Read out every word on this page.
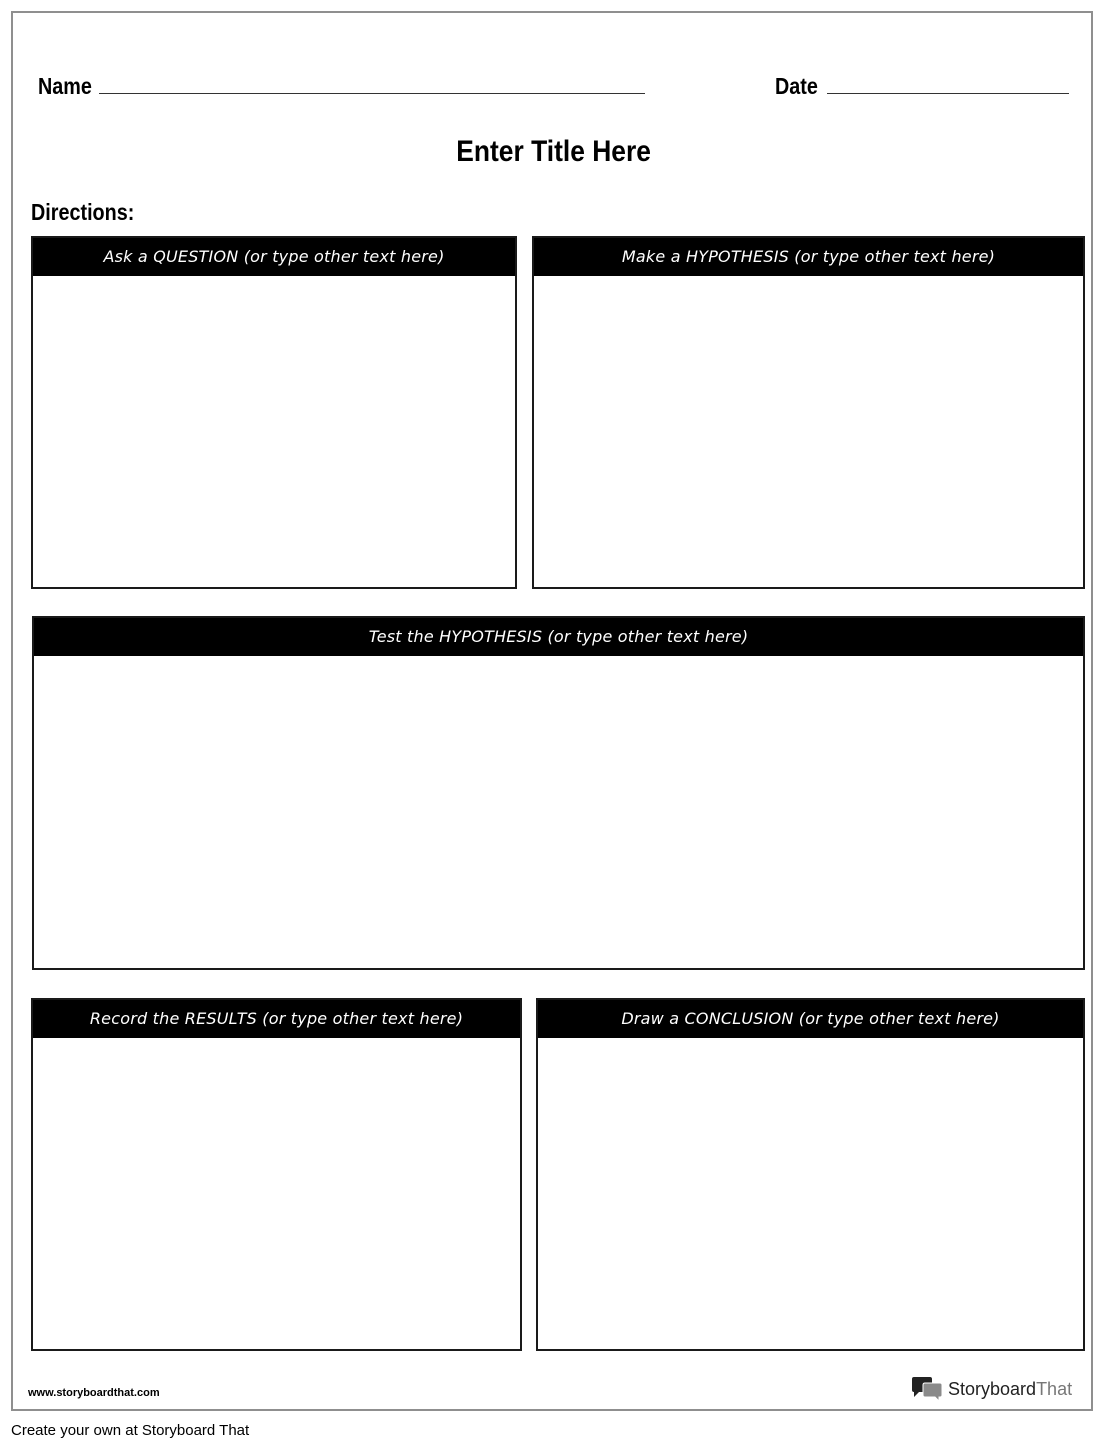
Name	Date
Enter Title Here
Directions:
Ask a QUESTION (or type other text here)	Make a HYPOTHESIS (or type other text here)
Test the HYPOTHESIS (or type other text here)
Record the RESULTS (or type other text here)	Draw a CONCLUSION (or type other text here)
www.storyboardthat.com	StoryboardThat
Create your own at Storyboard That
